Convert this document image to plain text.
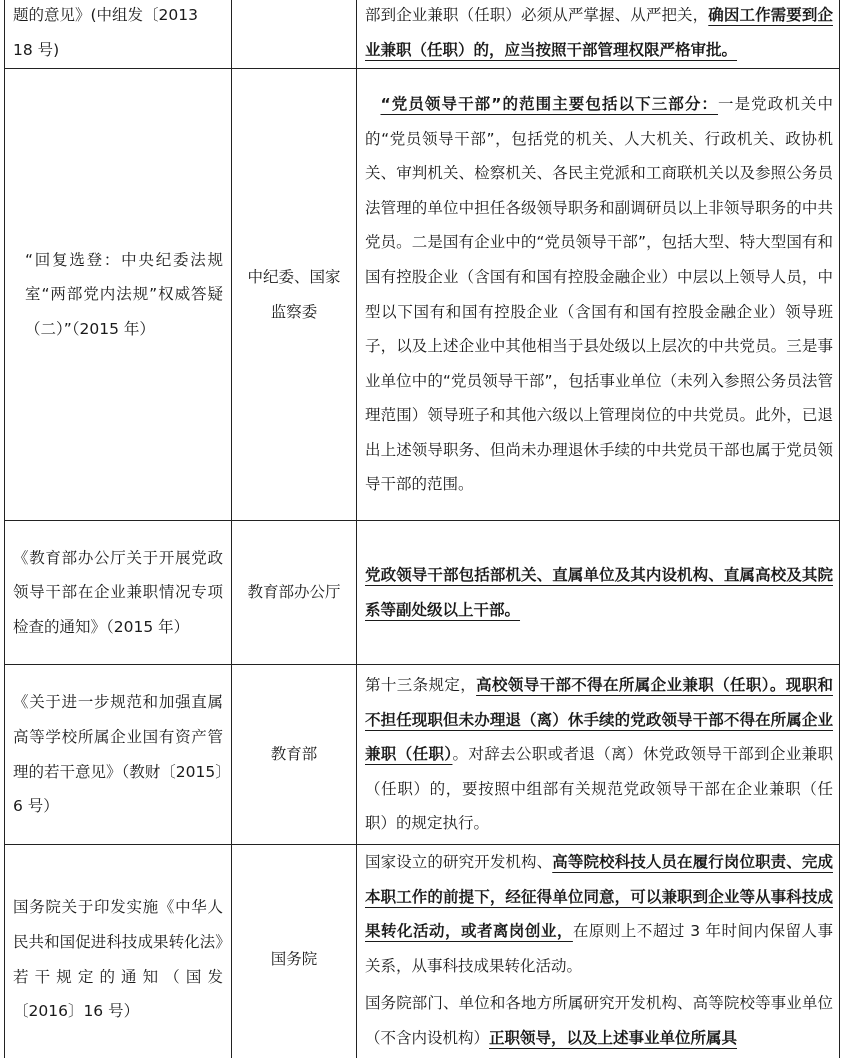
题的意见》(中组发〔2013
18 号)		部到企业兼职（任职）必须从严掌握、从严把关，确因工作需要到企业兼职（任职）的，应当按照干部管理权限严格审批。
“回复选登：中央纪委法规室“两部党内法规”权威答疑（二）”（2015 年）	中纪委、国家监察委	“党员领导干部”的范围主要包括以下三部分：一是党政机关中的“党员领导干部”，包括党的机关、人大机关、行政机关、政协机关、审判机关、检察机关、各民主党派和工商联机关以及参照公务员法管理的单位中担任各级领导职务和副调研员以上非领导职务的中共党员。二是国有企业中的“党员领导干部”，包括大型、特大型国有和国有控股企业（含国有和国有控股金融企业）中层以上领导人员，中型以下国有和国有控股企业（含国有和国有控股金融企业）领导班子，以及上述企业中其他相当于县处级以上层次的中共党员。三是事业单位中的“党员领导干部”，包括事业单位（未列入参照公务员法管理范围）领导班子和其他六级以上管理岗位的中共党员。此外，已退出上述领导职务、但尚未办理退休手续的中共党员干部也属于党员领导干部的范围。
《教育部办公厅关于开展党政领导干部在企业兼职情况专项检查的通知》（2015 年）	教育部办公厅	党政领导干部包括部机关、直属单位及其内设机构、直属高校及其院系等副处级以上干部。
《关于进一步规范和加强直属高等学校所属企业国有资产管理的若干意见》（教财〔2015〕6 号）	教育部	第十三条规定，高校领导干部不得在所属企业兼职（任职）。现职和不担任现职但未办理退（离）休手续的党政领导干部不得在所属企业兼职（任职）。对辞去公职或者退（离）休党政领导干部到企业兼职（任职）的，要按照中组部有关规范党政领导干部在企业兼职（任职）的规定执行。
国务院关于印发实施《中华人民共和国促进科技成果转化法》若干规定的通知（国发〔2016〕16 号）	国务院	国家设立的研究开发机构、高等院校科技人员在履行岗位职责、完成本职工作的前提下，经征得单位同意，可以兼职到企业等从事科技成果转化活动，或者离岗创业，在原则上不超过 3 年时间内保留人事关系，从事科技成果转化活动。

国务院部门、单位和各地方所属研究开发机构、高等院校等事业单位（不含内设机构）正职领导，以及上述事业单位所属具
